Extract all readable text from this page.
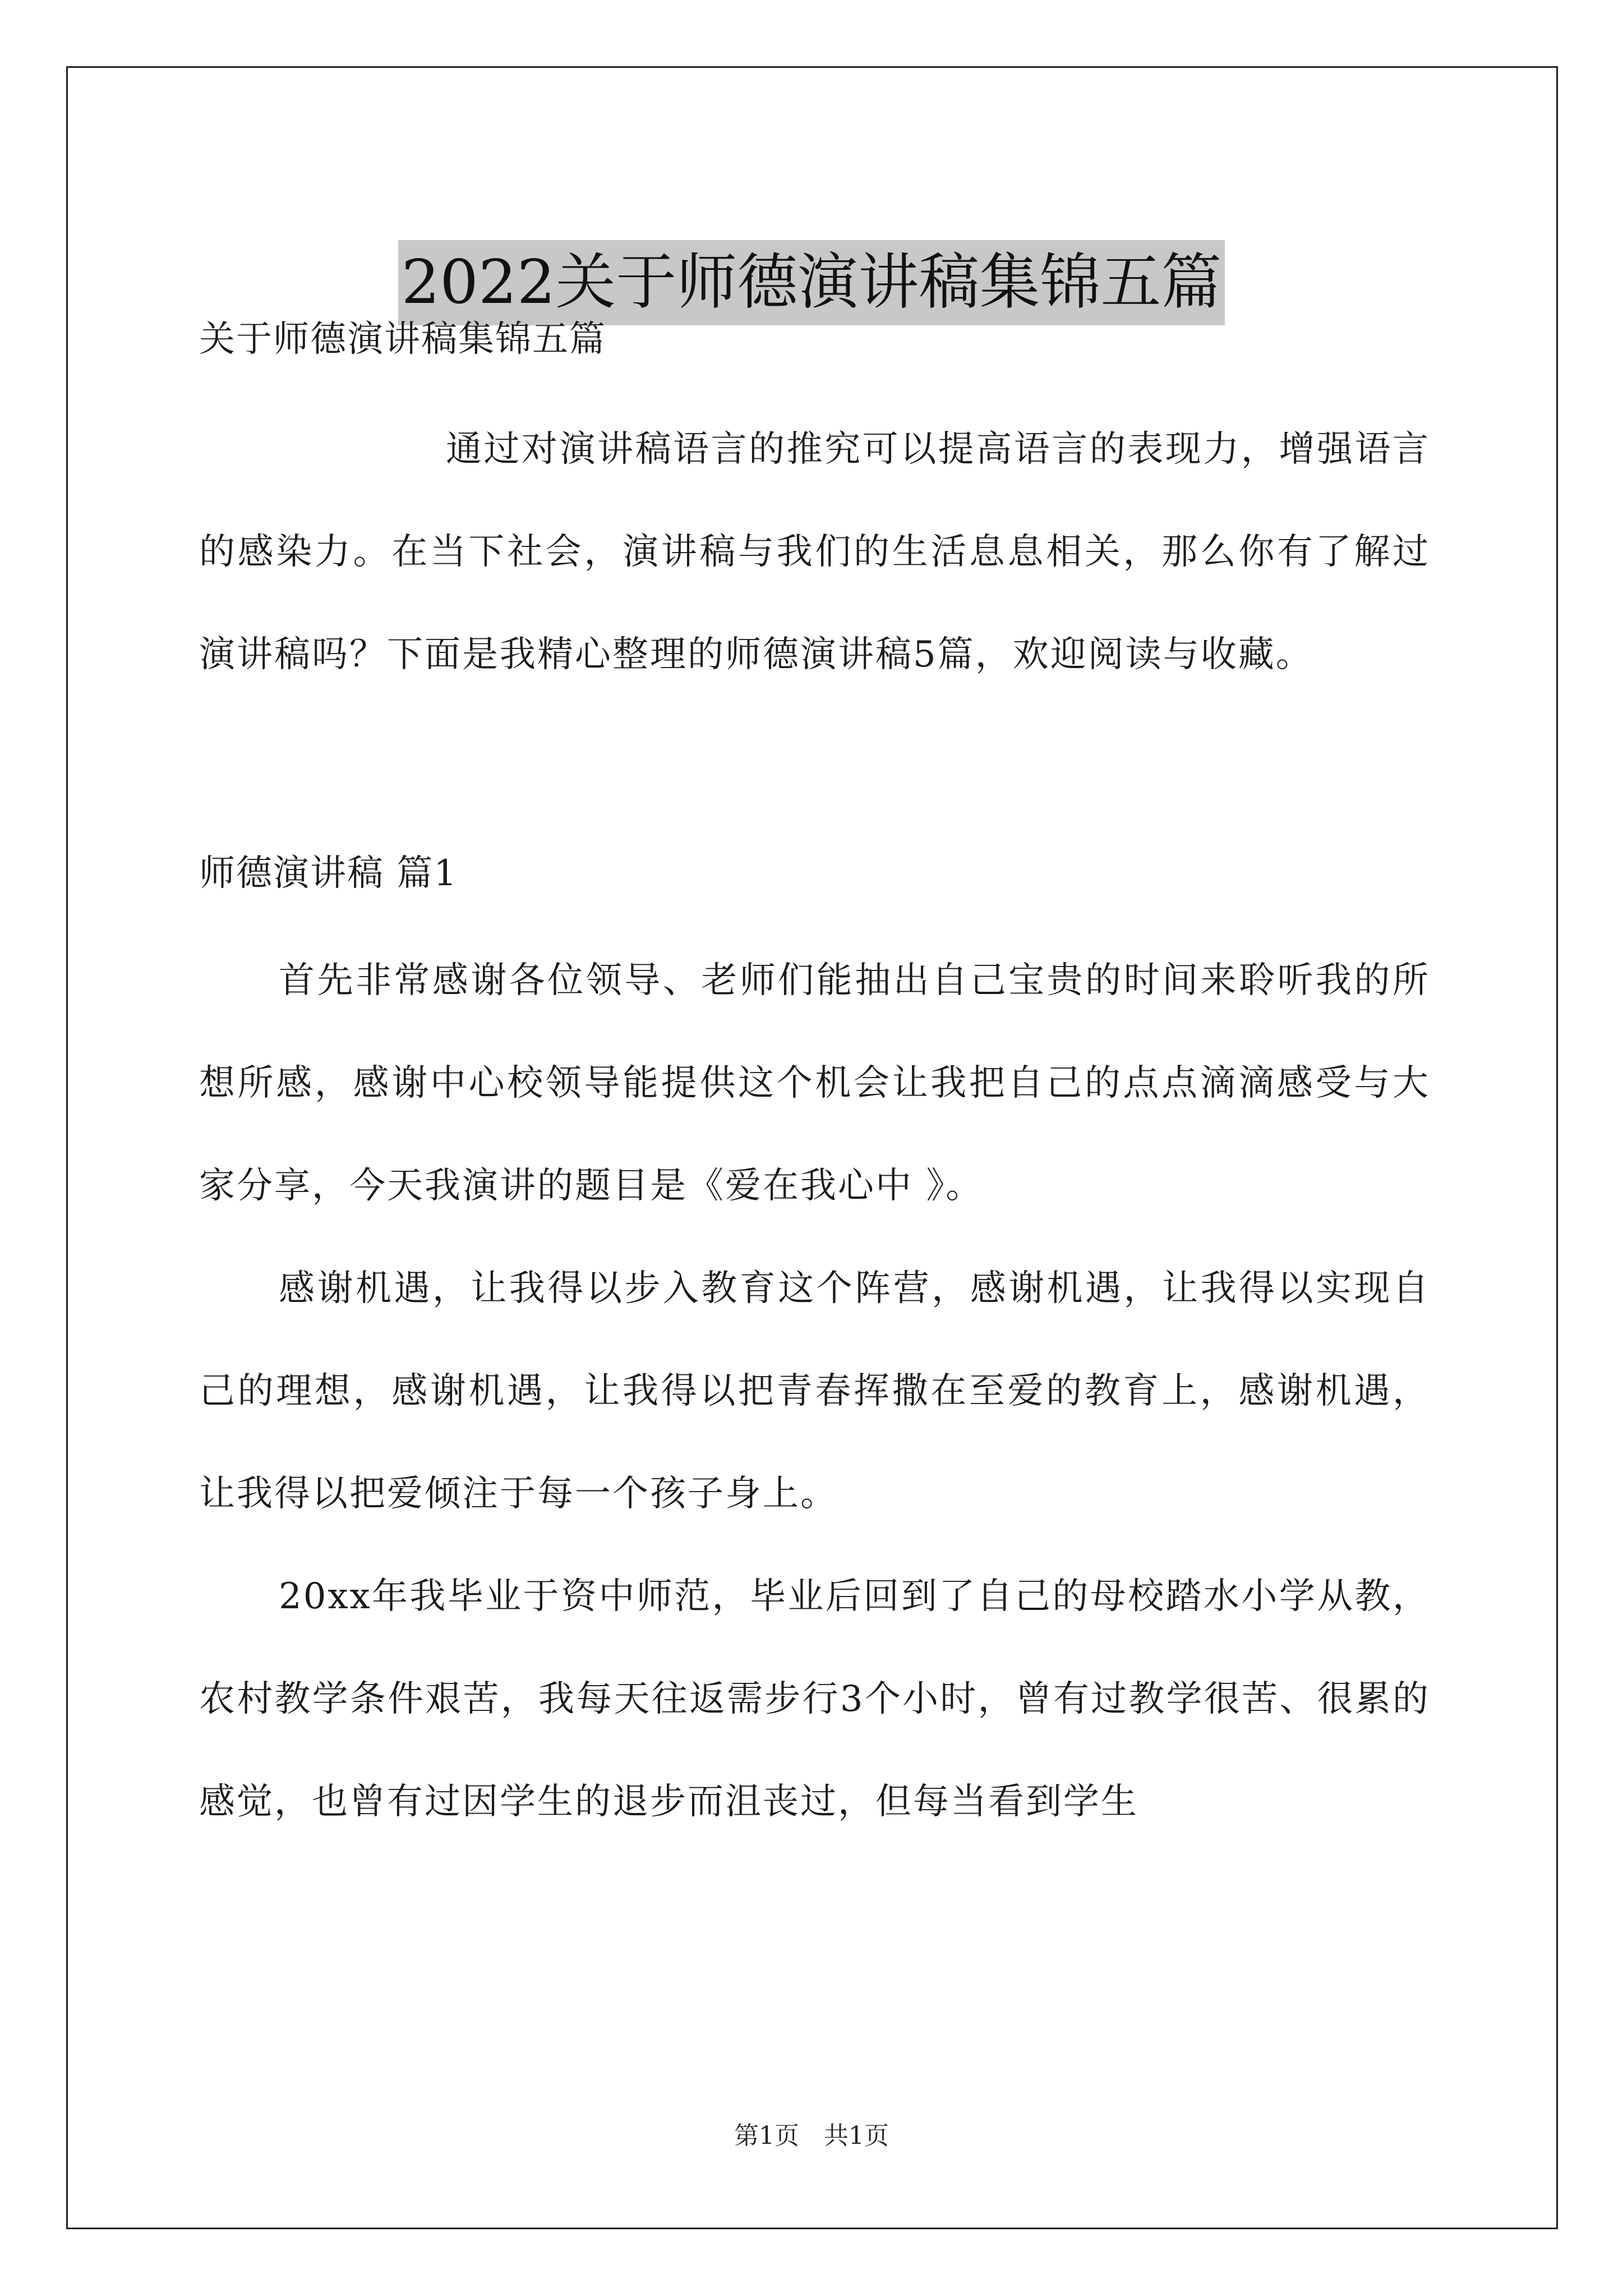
2022关于师德演讲稿集锦五篇

关于师德演讲稿集锦五篇

通过对演讲稿语言的推究可以提高语言的表现力，增强语言的感染力。在当下社会，演讲稿与我们的生活息息相关，那么你有了解过演讲稿吗？下面是我精心整理的师德演讲稿5篇，欢迎阅读与收藏。

师德演讲稿 篇1

首先非常感谢各位领导、老师们能抽出自己宝贵的时间来聆听我的所想所感，感谢中心校领导能提供这个机会让我把自己的点点滴滴感受与大家分享，今天我演讲的题目是《爱在我心中 》。

感谢机遇，让我得以步入教育这个阵营，感谢机遇，让我得以实现自己的理想，感谢机遇，让我得以把青春挥撒在至爱的教育上，感谢机遇，让我得以把爱倾注于每一个孩子身上。

20xx年我毕业于资中师范，毕业后回到了自己的母校踏水小学从教，农村教学条件艰苦，我每天往返需步行3个小时，曾有过教学很苦、很累的感觉，也曾有过因学生的退步而沮丧过，但每当看到学生

第1页　共1页
